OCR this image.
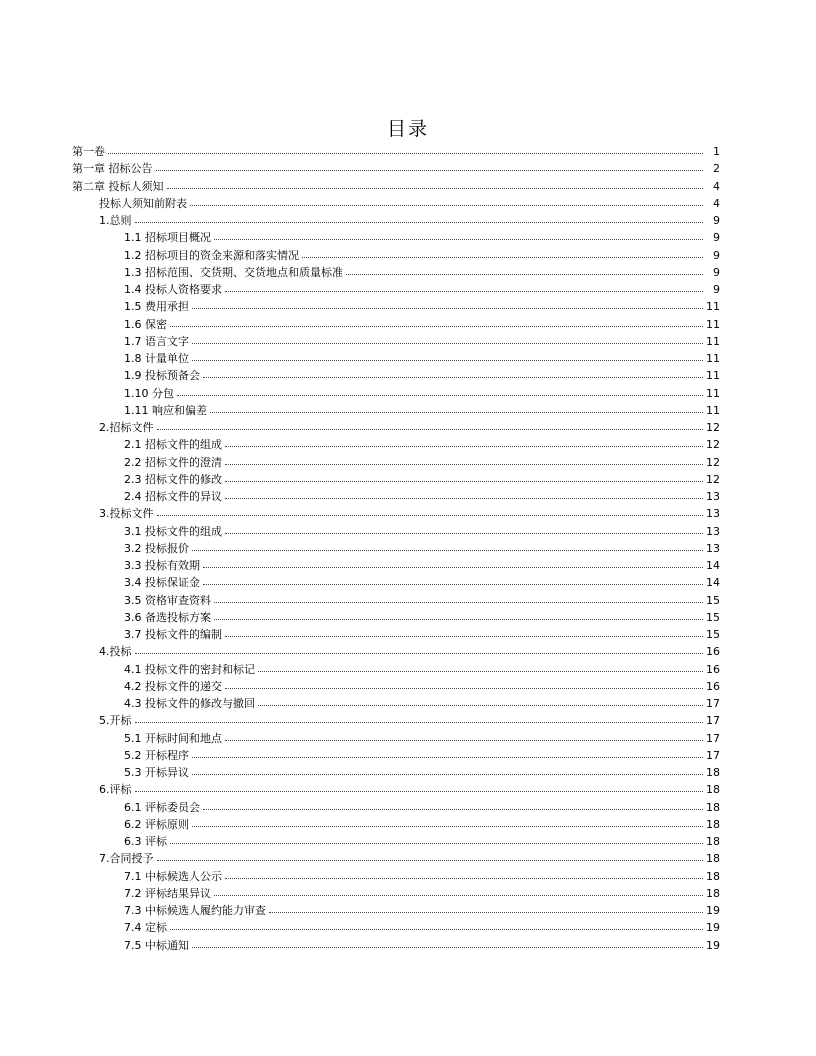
目录
第一卷	1
第一章 招标公告	2
第二章 投标人须知	4
投标人须知前附表	4
1.总则	9
1.1 招标项目概况	9
1.2 招标项目的资金来源和落实情况	9
1.3 招标范围、交货期、交货地点和质量标准	9
1.4 投标人资格要求	9
1.5 费用承担	11
1.6 保密	11
1.7 语言文字	11
1.8 计量单位	11
1.9 投标预备会	11
1.10 分包	11
1.11 响应和偏差	11
2.招标文件	12
2.1 招标文件的组成	12
2.2 招标文件的澄清	12
2.3 招标文件的修改	12
2.4 招标文件的异议	13
3.投标文件	13
3.1 投标文件的组成	13
3.2 投标报价	13
3.3 投标有效期	14
3.4 投标保证金	14
3.5 资格审查资料	15
3.6 备选投标方案	15
3.7 投标文件的编制	15
4.投标	16
4.1 投标文件的密封和标记	16
4.2 投标文件的递交	16
4.3 投标文件的修改与撤回	17
5.开标	17
5.1 开标时间和地点	17
5.2 开标程序	17
5.3 开标异议	18
6.评标	18
6.1 评标委员会	18
6.2 评标原则	18
6.3 评标	18
7.合同授予	18
7.1 中标候选人公示	18
7.2 评标结果异议	18
7.3 中标候选人履约能力审查	19
7.4 定标	19
7.5 中标通知	19
